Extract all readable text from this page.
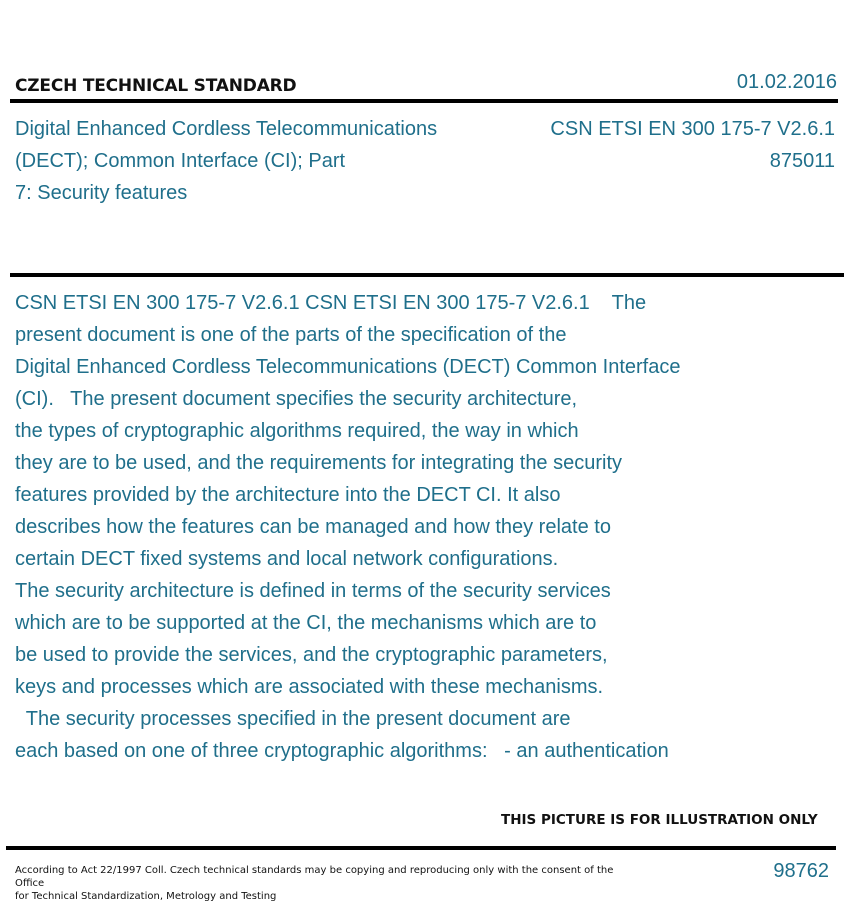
CZECH TECHNICAL STANDARD	01.02.2016
Digital Enhanced Cordless Telecommunications
(DECT); Common Interface (CI); Part
7: Security features
CSN ETSI EN 300 175-7 V2.6.1
875011
CSN ETSI EN 300 175-7 V2.6.1 CSN ETSI EN 300 175-7 V2.6.1    The
present document is one of the parts of the specification of the
Digital Enhanced Cordless Telecommunications (DECT) Common Interface
(CI).   The present document specifies the security architecture,
the types of cryptographic algorithms required, the way in which
they are to be used, and the requirements for integrating the security
features provided by the architecture into the DECT CI. It also
describes how the features can be managed and how they relate to
certain DECT fixed systems and local network configurations.
The security architecture is defined in terms of the security services
which are to be supported at the CI, the mechanisms which are to
be used to provide the services, and the cryptographic parameters,
keys and processes which are associated with these mechanisms.
The security processes specified in the present document are
each based on one of three cryptographic algorithms:   - an authentication
THIS PICTURE IS FOR ILLUSTRATION ONLY
According to Act 22/1997 Coll. Czech technical standards may be copying and reproducing only with the consent of the Office
for Technical Standardization, Metrology and Testing
98762
